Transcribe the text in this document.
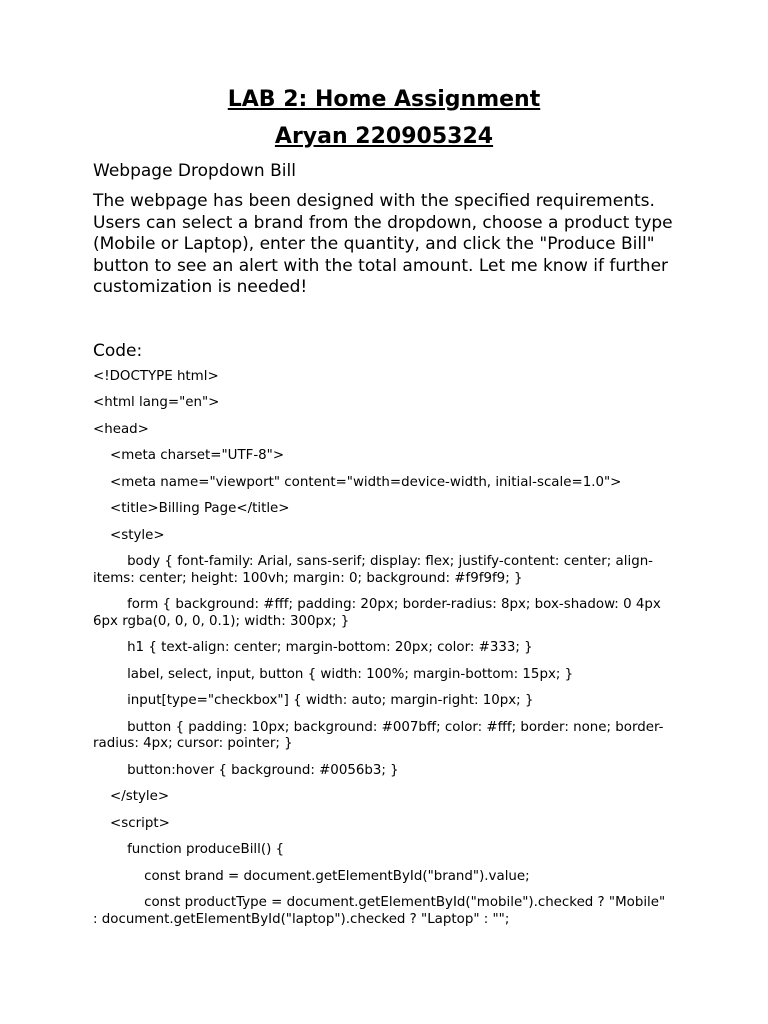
LAB 2: Home Assignment
Aryan 220905324
Webpage Dropdown Bill
The webpage has been designed with the specified requirements. Users can select a brand from the dropdown, choose a product type (Mobile or Laptop), enter the quantity, and click the "Produce Bill" button to see an alert with the total amount. Let me know if further customization is needed!
Code:
<!DOCTYPE html>
<html lang="en">
<head>
<meta charset="UTF-8">
<meta name="viewport" content="width=device-width, initial-scale=1.0">
<title>Billing Page</title>
<style>
body { font-family: Arial, sans-serif; display: flex; justify-content: center; align-items: center; height: 100vh; margin: 0; background: #f9f9f9; }
form { background: #fff; padding: 20px; border-radius: 8px; box-shadow: 0 4px 6px rgba(0, 0, 0, 0.1); width: 300px; }
h1 { text-align: center; margin-bottom: 20px; color: #333; }
label, select, input, button { width: 100%; margin-bottom: 15px; }
input[type="checkbox"] { width: auto; margin-right: 10px; }
button { padding: 10px; background: #007bff; color: #fff; border: none; border-radius: 4px; cursor: pointer; }
button:hover { background: #0056b3; }
</style>
<script>
function produceBill() {
const brand = document.getElementById("brand").value;
const productType = document.getElementById("mobile").checked ? "Mobile" : document.getElementById("laptop").checked ? "Laptop" : "";
